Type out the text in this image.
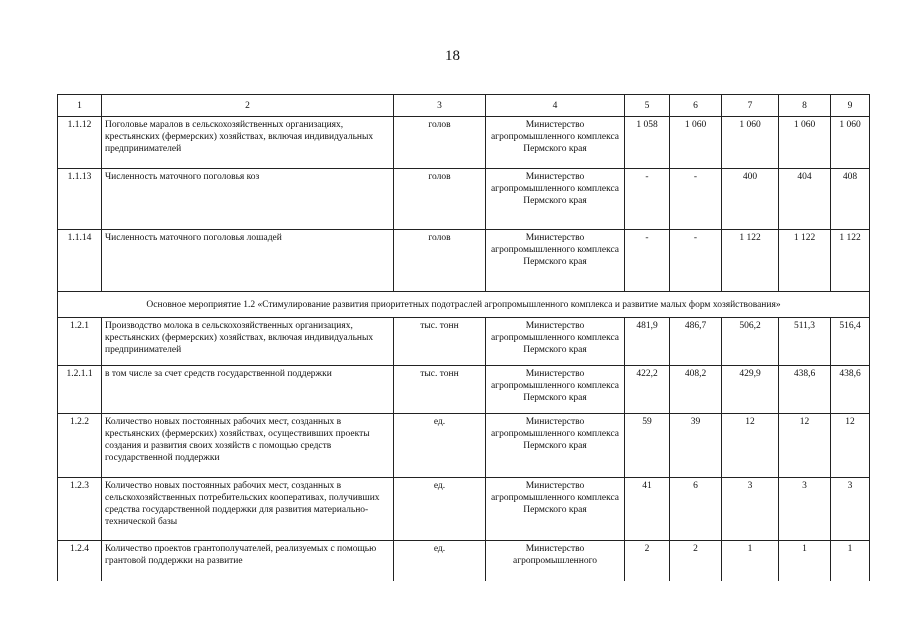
18
1	2	3	4	5	6	7	8	9
1.1.12	Поголовье маралов в сельскохозяйственных организациях, крестьянских (фермерских) хозяйствах, включая индивидуальных предпринимателей	голов	Министерство агропромышленного комплекса Пермского края	1 058	1 060	1 060	1 060	1 060
1.1.13	Численность маточного поголовья коз	голов	Министерство агропромышленного комплекса Пермского края	-	-	400	404	408
1.1.14	Численность маточного поголовья лошадей	голов	Министерство агропромышленного комплекса Пермского края	-	-	1 122	1 122	1 122
Основное мероприятие 1.2 «Стимулирование развития приоритетных подотраслей агропромышленного комплекса и развитие малых форм хозяйствования»								
1.2.1	Производство молока в сельскохозяйственных организациях, крестьянских (фермерских) хозяйствах, включая индивидуальных предпринимателей	тыс. тонн	Министерство агропромышленного комплекса Пермского края	481,9	486,7	506,2	511,3	516,4
1.2.1.1	в том числе за счет средств государственной поддержки	тыс. тонн	Министерство агропромышленного комплекса Пермского края	422,2	408,2	429,9	438,6	438,6
1.2.2	Количество новых постоянных рабочих мест, созданных в крестьянских (фермерских) хозяйствах, осуществивших проекты создания и развития своих хозяйств с помощью средств государственной поддержки	ед.	Министерство агропромышленного комплекса Пермского края	59	39	12	12	12
1.2.3	Количество новых постоянных рабочих мест, созданных в сельскохозяйственных потребительских кооперативах, получивших средства государственной поддержки для развития материально-технической базы	ед.	Министерство агропромышленного комплекса Пермского края	41	6	3	3	3
1.2.4	Количество проектов грантополучателей, реализуемых с помощью грантовой поддержки на развитие	ед.	Министерство агропромышленного	2	2	1	1	1
